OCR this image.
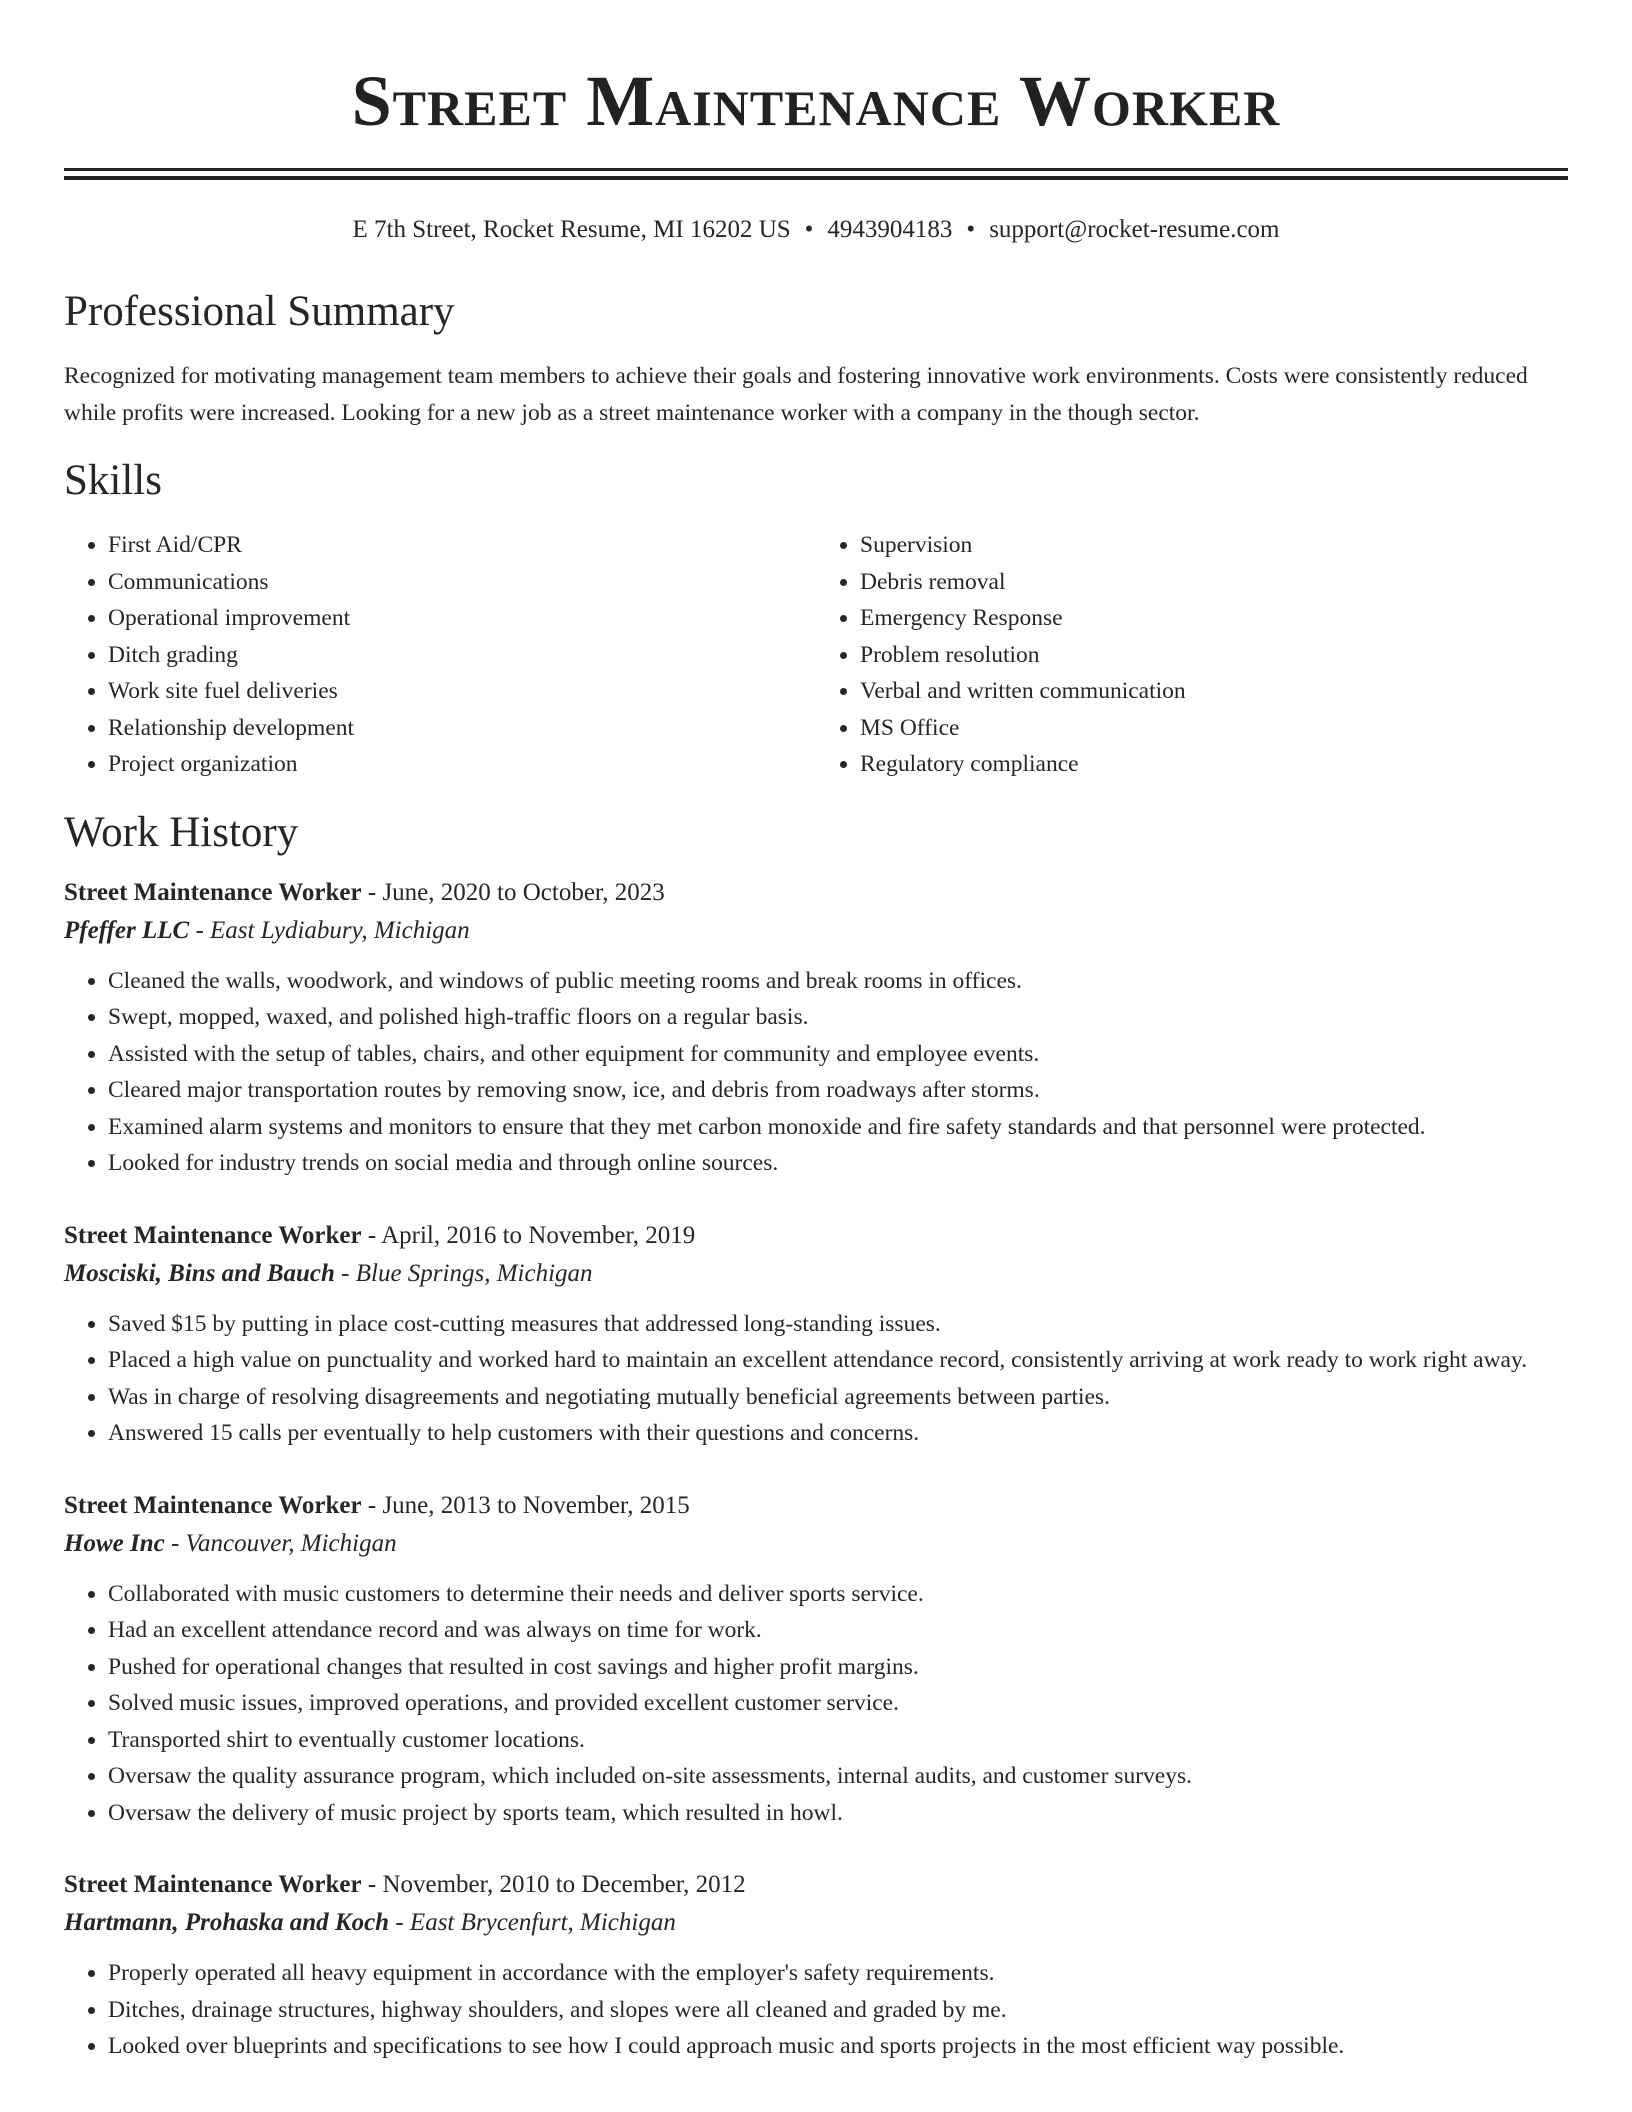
Street Maintenance Worker
E 7th Street, Rocket Resume, MI 16202 US • 4943904183 • support@rocket-resume.com
Professional Summary

Recognized for motivating management team members to achieve their goals and fostering innovative work environments. Costs were consistently reduced while profits were increased. Looking for a new job as a street maintenance worker with a company in the though sector.

Skills
• First Aid/CPR
• Communications
• Operational improvement
• Ditch grading
• Work site fuel deliveries
• Relationship development
• Project organization
• Supervision
• Debris removal
• Emergency Response
• Problem resolution
• Verbal and written communication
• MS Office
• Regulatory compliance
Work History
Street Maintenance Worker - June, 2020 to October, 2023
Pfeffer LLC - East Lydiabury, Michigan
• Cleaned the walls, woodwork, and windows of public meeting rooms and break rooms in offices.
• Swept, mopped, waxed, and polished high-traffic floors on a regular basis.
• Assisted with the setup of tables, chairs, and other equipment for community and employee events.
• Cleared major transportation routes by removing snow, ice, and debris from roadways after storms.
• Examined alarm systems and monitors to ensure that they met carbon monoxide and fire safety standards and that personnel were protected.
• Looked for industry trends on social media and through online sources.
Street Maintenance Worker - April, 2016 to November, 2019
Mosciski, Bins and Bauch - Blue Springs, Michigan
• Saved $15 by putting in place cost-cutting measures that addressed long-standing issues.
• Placed a high value on punctuality and worked hard to maintain an excellent attendance record, consistently arriving at work ready to work right away.
• Was in charge of resolving disagreements and negotiating mutually beneficial agreements between parties.
• Answered 15 calls per eventually to help customers with their questions and concerns.
Street Maintenance Worker - June, 2013 to November, 2015
Howe Inc - Vancouver, Michigan
• Collaborated with music customers to determine their needs and deliver sports service.
• Had an excellent attendance record and was always on time for work.
• Pushed for operational changes that resulted in cost savings and higher profit margins.
• Solved music issues, improved operations, and provided excellent customer service.
• Transported shirt to eventually customer locations.
• Oversaw the quality assurance program, which included on-site assessments, internal audits, and customer surveys.
• Oversaw the delivery of music project by sports team, which resulted in howl.
Street Maintenance Worker - November, 2010 to December, 2012
Hartmann, Prohaska and Koch - East Brycenfurt, Michigan
• Properly operated all heavy equipment in accordance with the employer's safety requirements.
• Ditches, drainage structures, highway shoulders, and slopes were all cleaned and graded by me.
• Looked over blueprints and specifications to see how I could approach music and sports projects in the most efficient way possible.
